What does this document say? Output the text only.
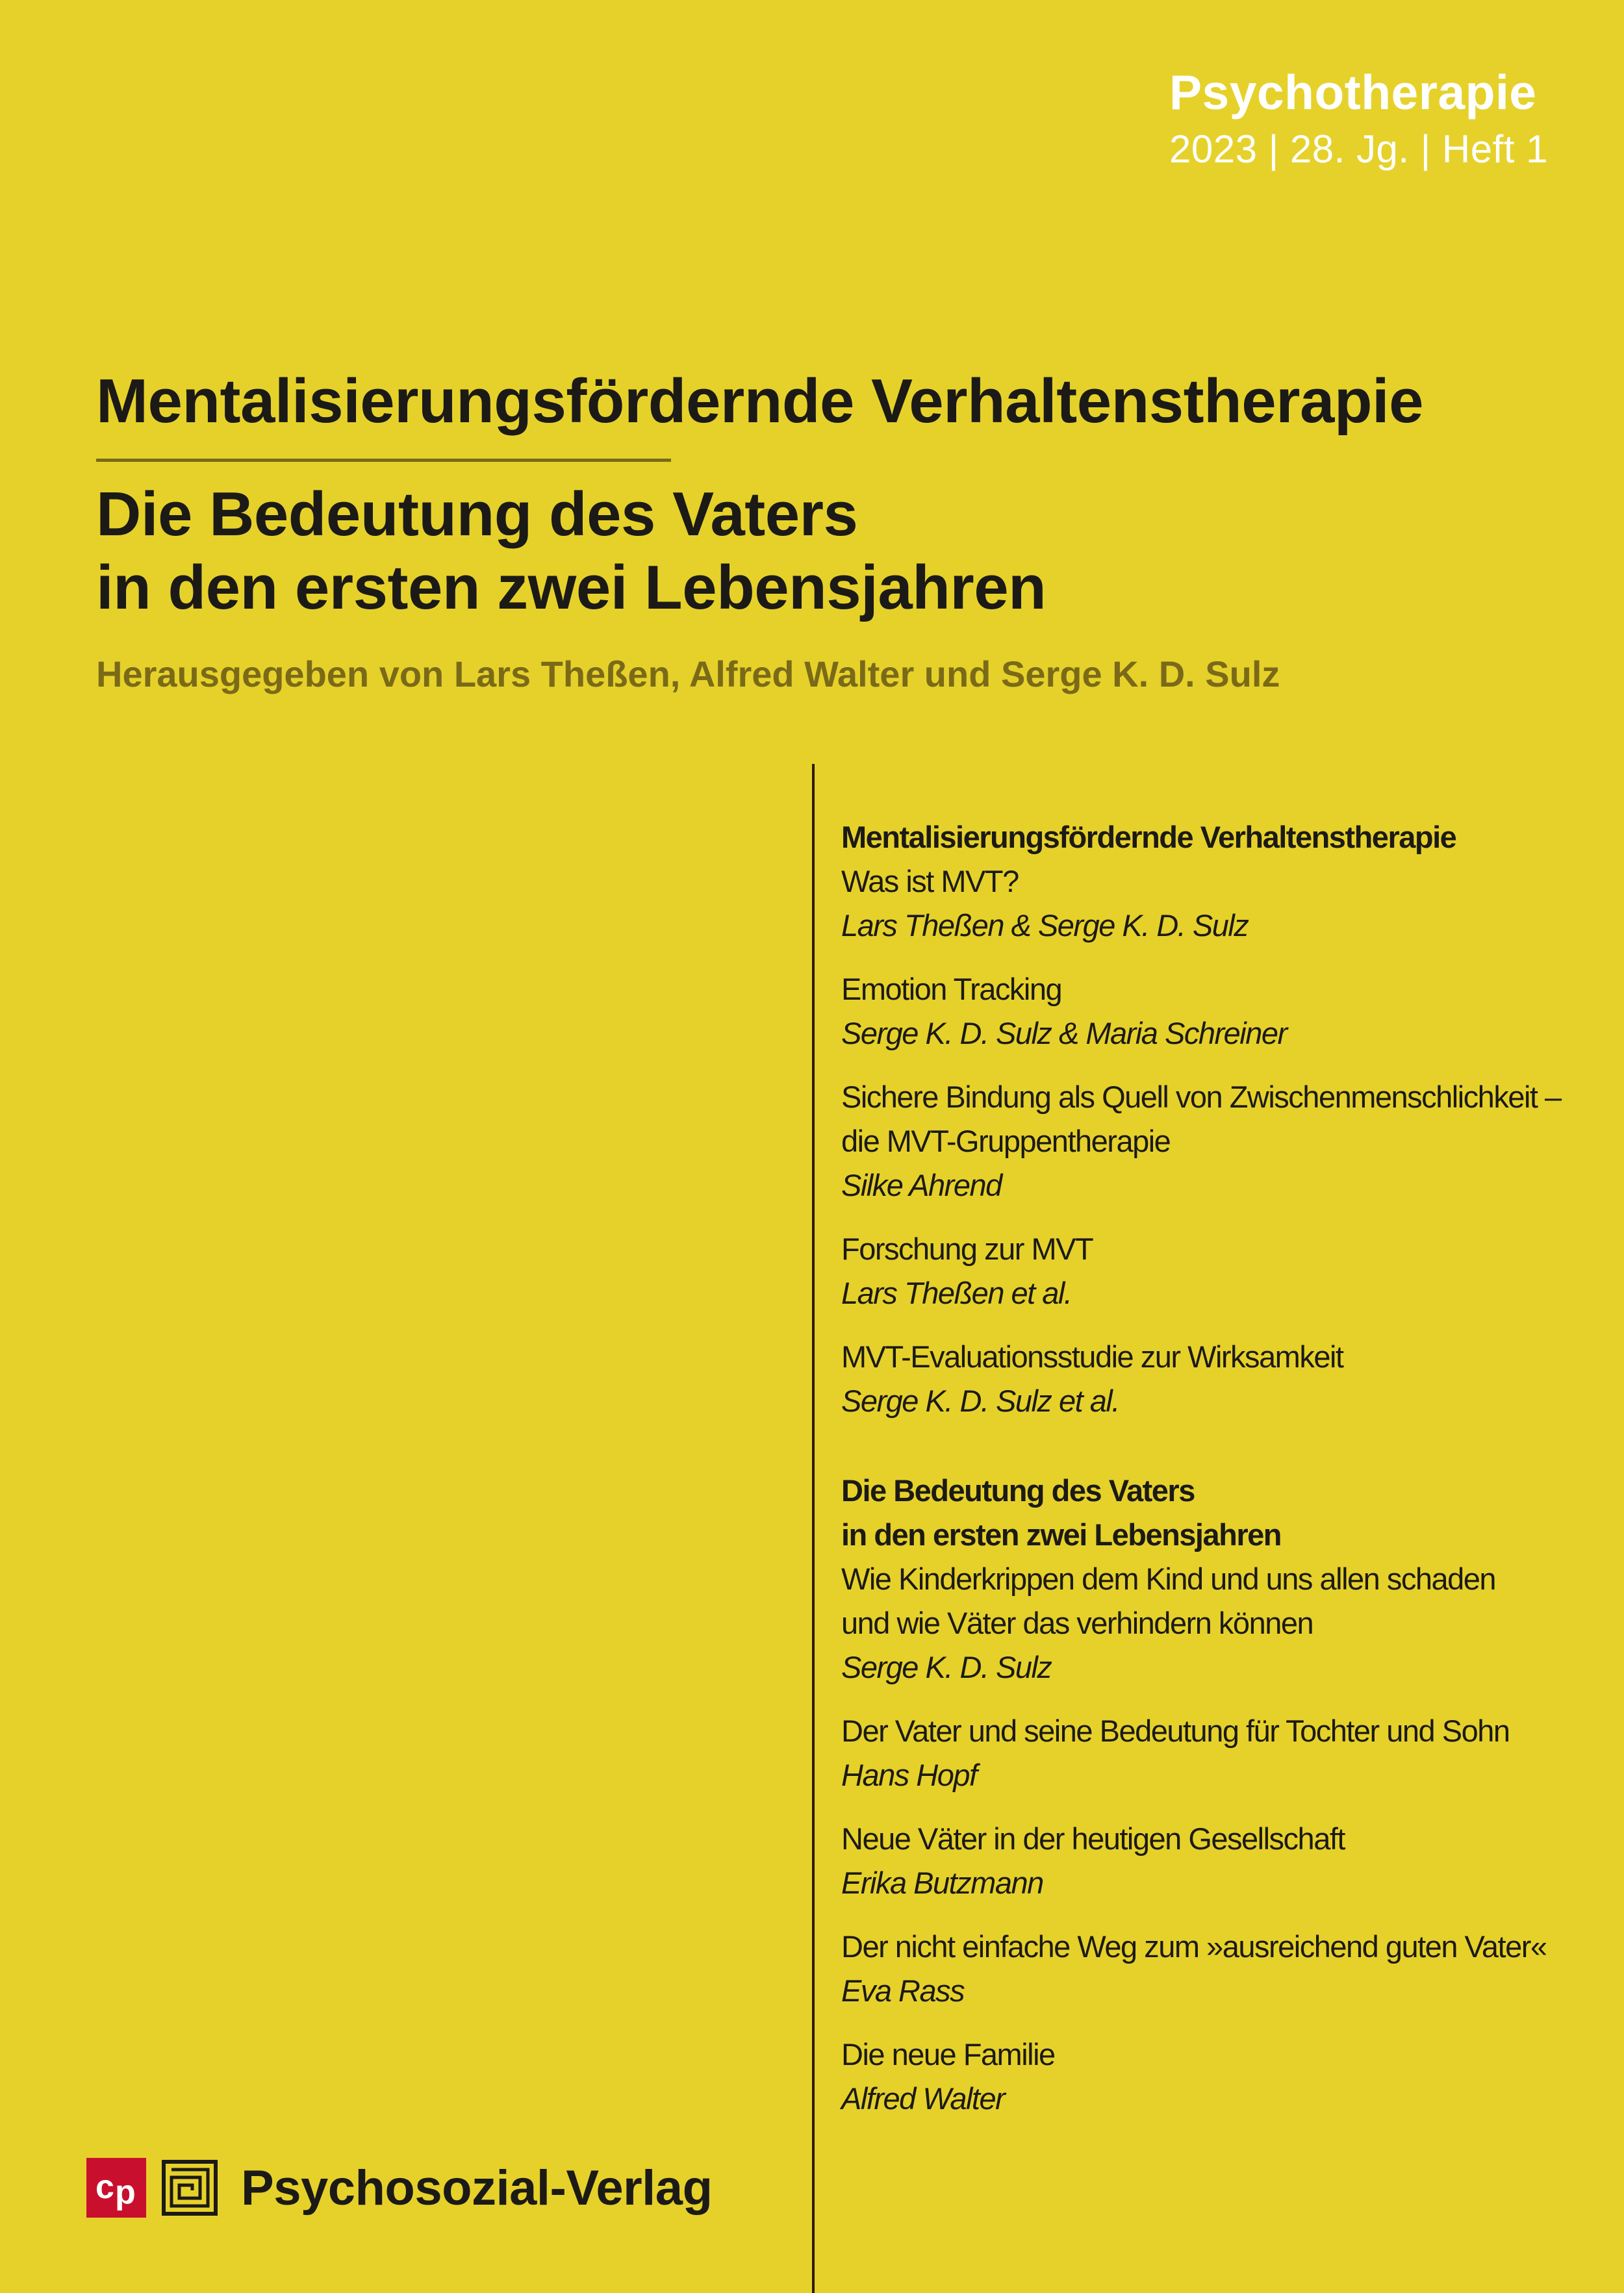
Psychotherapie
2023 | 28. Jg. | Heft 1
Mentalisierungsfördernde Verhaltenstherapie
Die Bedeutung des Vaters
in den ersten zwei Lebensjahren
Herausgegeben von Lars Theßen, Alfred Walter und Serge K. D. Sulz
Mentalisierungsfördernde Verhaltenstherapie
Was ist MVT?
Lars Theßen & Serge K. D. Sulz
Emotion Tracking
Serge K. D. Sulz & Maria Schreiner
Sichere Bindung als Quell von Zwischenmenschlichkeit –
die MVT-Gruppentherapie
Silke Ahrend
Forschung zur MVT
Lars Theßen et al.
MVT-Evaluationsstudie zur Wirksamkeit
Serge K. D. Sulz et al.
Die Bedeutung des Vaters
in den ersten zwei Lebensjahren
Wie Kinderkrippen dem Kind und uns allen schaden
und wie Väter das verhindern können
Serge K. D. Sulz
Der Vater und seine Bedeutung für Tochter und Sohn
Hans Hopf
Neue Väter in der heutigen Gesellschaft
Erika Butzmann
Der nicht einfache Weg zum »ausreichend guten Vater«
Eva Rass
Die neue Familie
Alfred Walter
c p Psychosozial-Verlag
